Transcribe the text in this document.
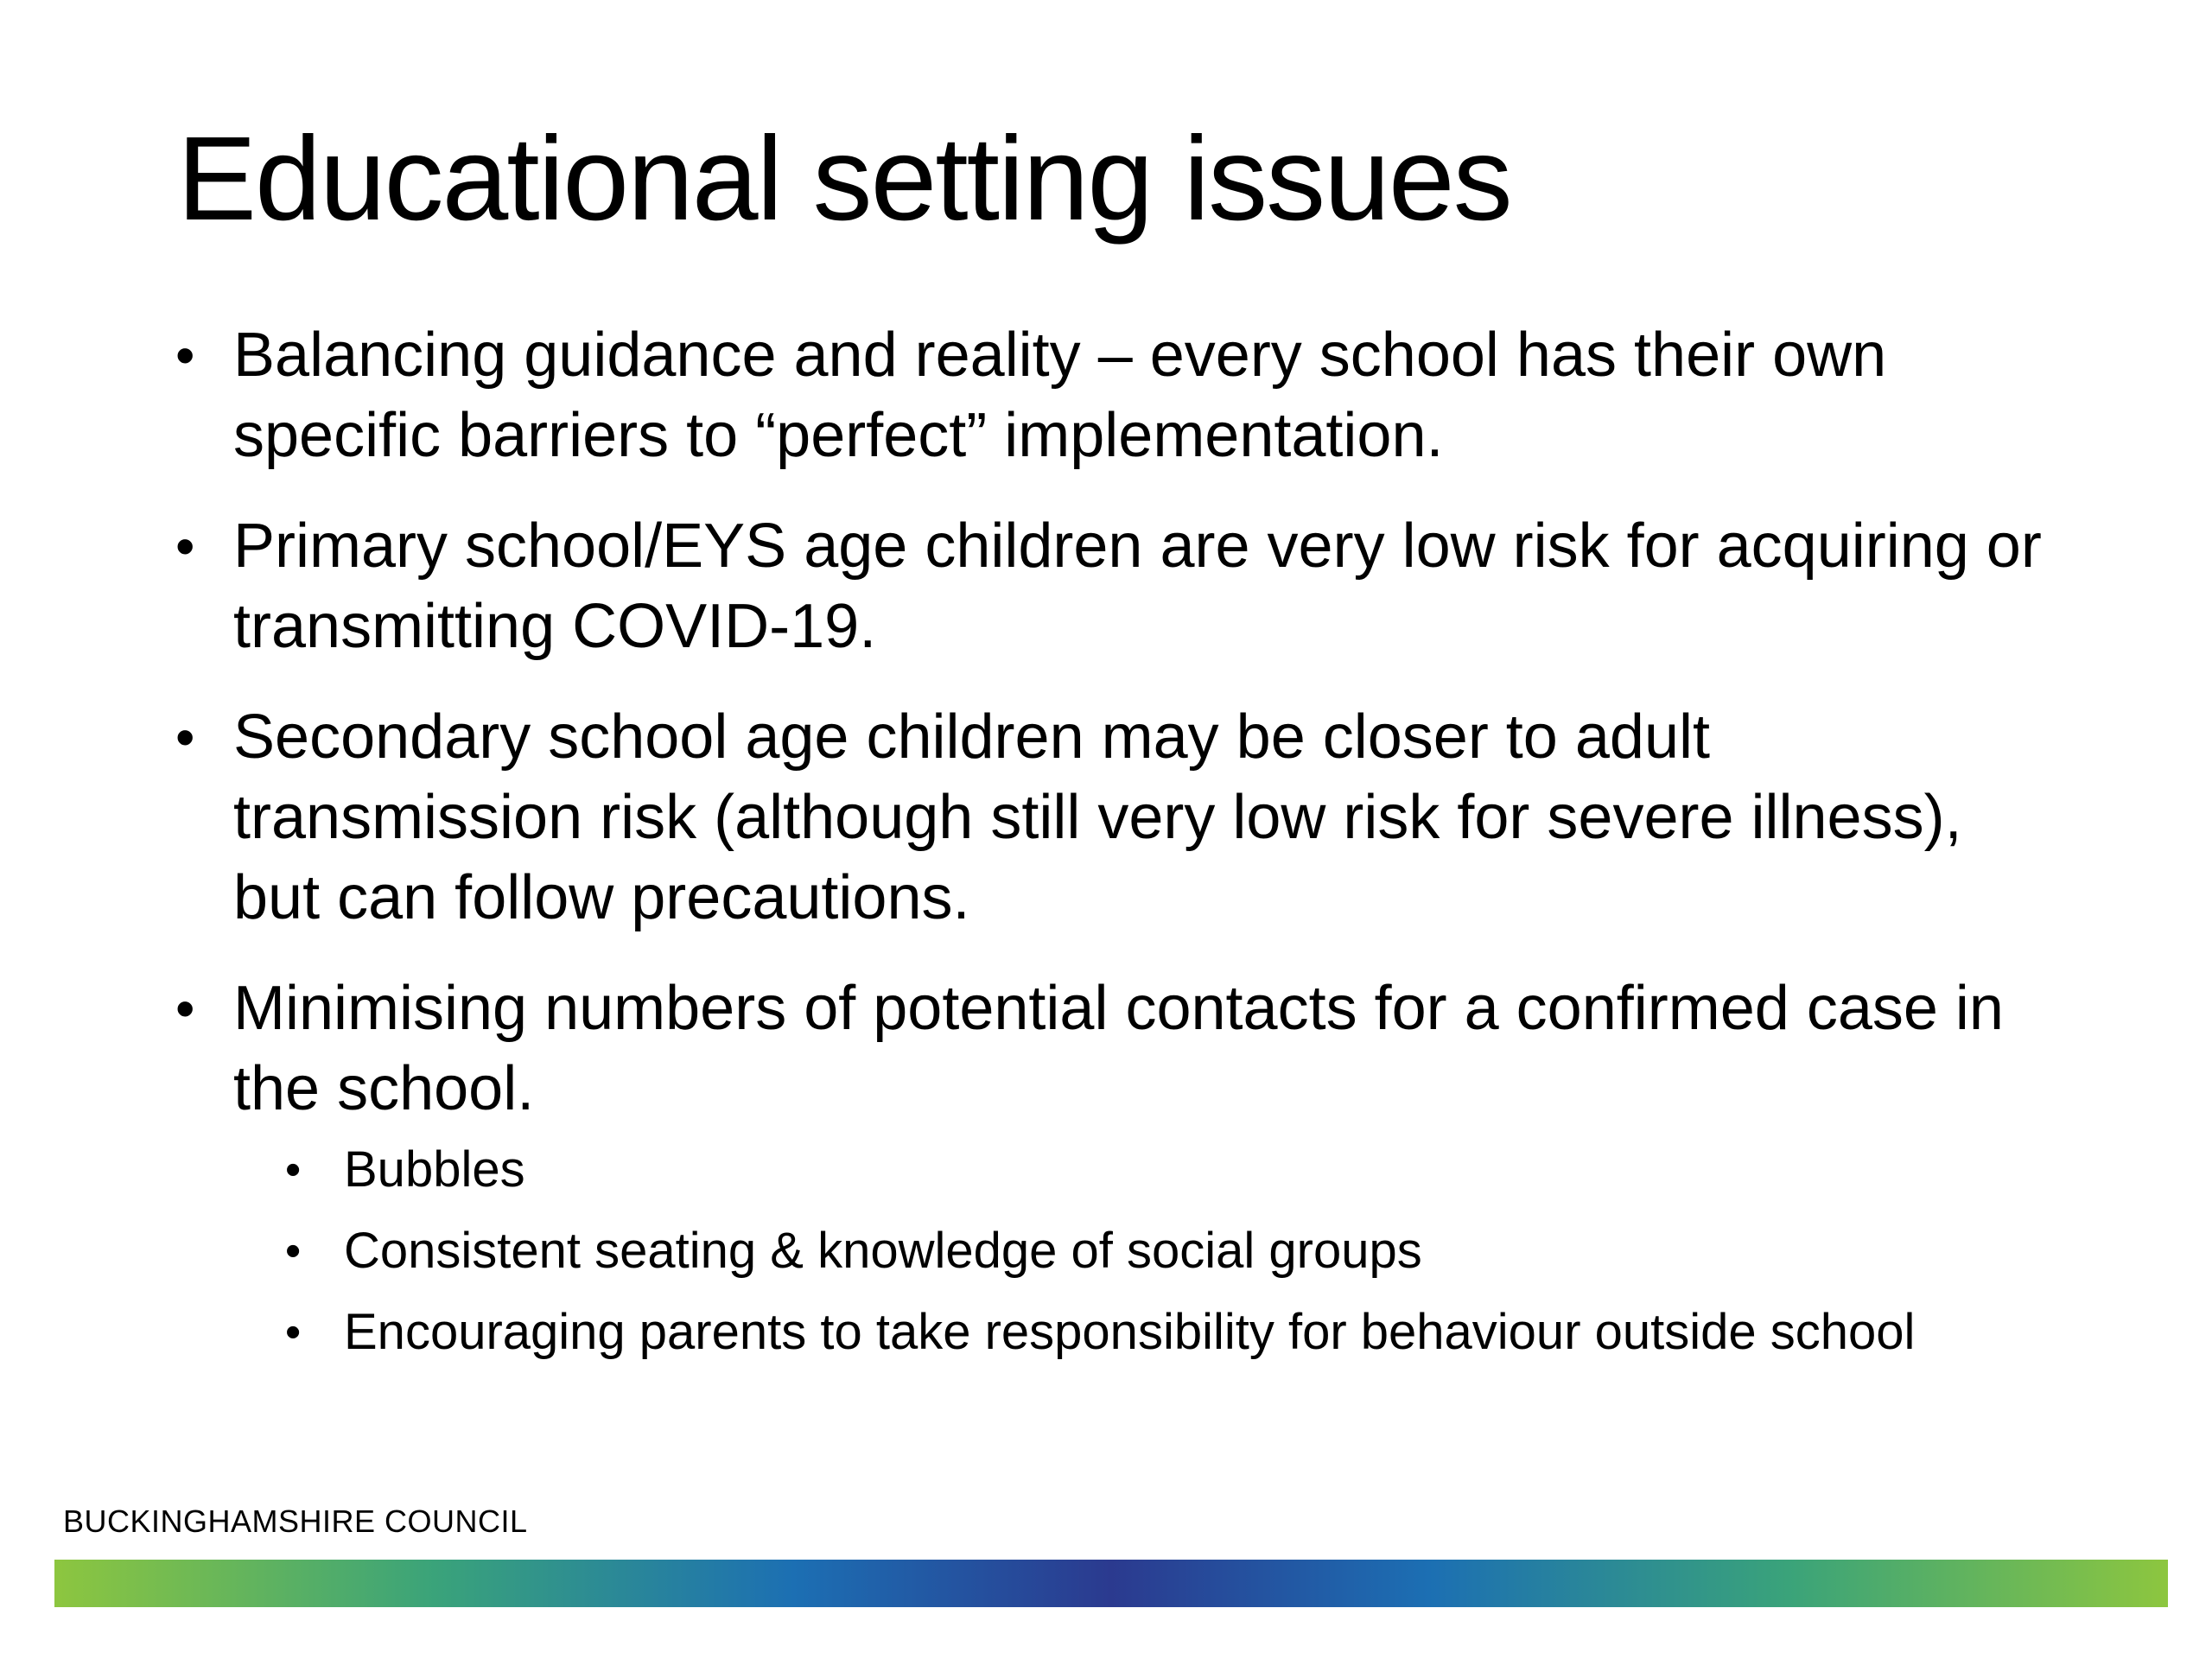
Educational setting issues
• Balancing guidance and reality – every school has their own specific barriers to “perfect” implementation.
• Primary school/EYS age children are very low risk for acquiring or transmitting COVID-19.
• Secondary school age children may be closer to adult transmission risk (although still very low risk for severe illness), but can follow precautions.
• Minimising numbers of potential contacts for a confirmed case in the school.
• Bubbles
• Consistent seating & knowledge of social groups
• Encouraging parents to take responsibility for behaviour outside school
BUCKINGHAMSHIRE COUNCIL
